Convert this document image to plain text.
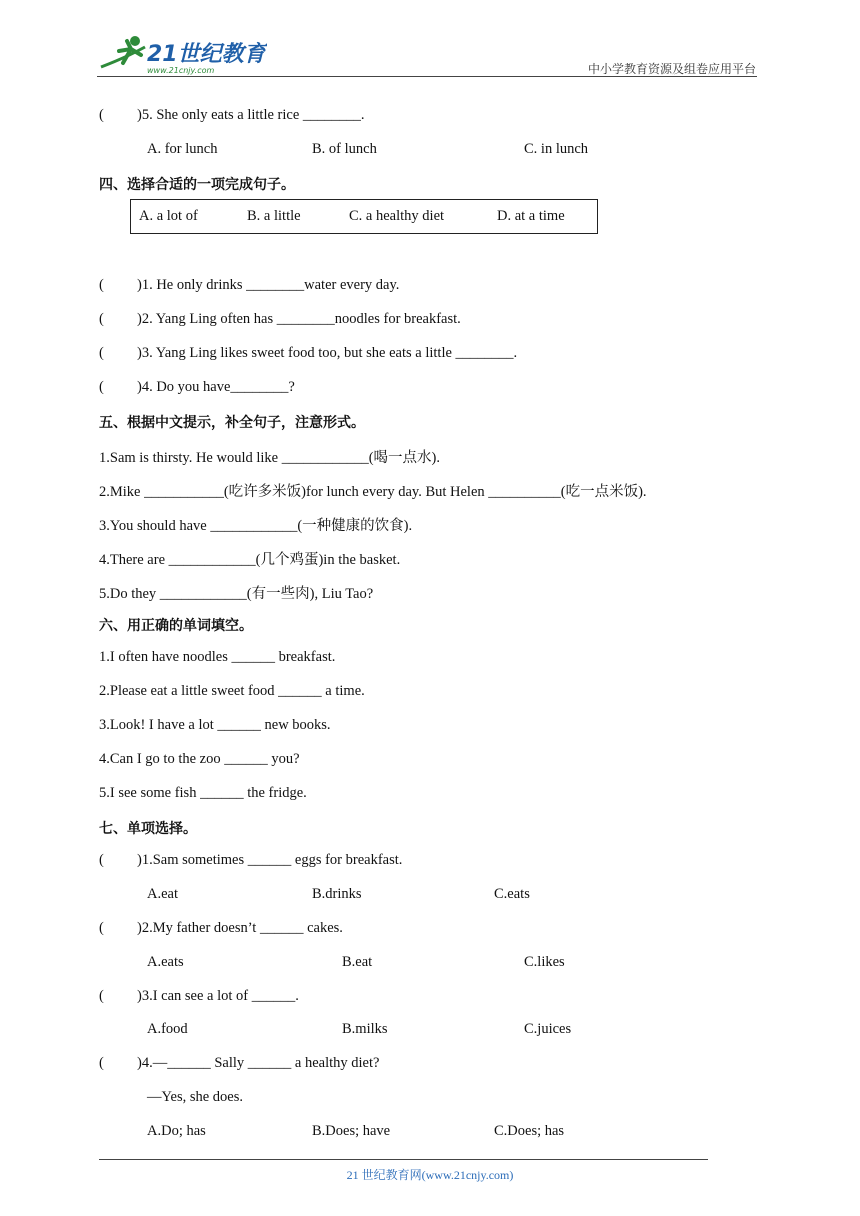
21世纪教育
www.21cnjy.com	中小学教育资源及组卷应用平台
( )5. She only eats a little rice ________.
A. for lunch	B. of lunch	C. in lunch
四、选择合适的一项完成句子。
A. a lot of	B. a little	C. a healthy diet	D. at a time
( )1. He only drinks ________water every day.
( )2. Yang Ling often has ________noodles for breakfast.
( )3. Yang Ling likes sweet food too, but she eats a little ________.
( )4. Do you have________?
五、根据中文提示，补全句子，注意形式。
1.Sam is thirsty. He would like ____________(喝一点水).
2.Mike ___________(吃许多米饭)for lunch every day. But Helen __________(吃一点米饭).
3.You should have ____________(一种健康的饮食).
4.There are ____________(几个鸡蛋)in the basket.
5.Do they ____________(有一些肉), Liu Tao?
六、用正确的单词填空。
1.I often have noodles ______ breakfast.
2.Please eat a little sweet food ______ a time.
3.Look! I have a lot ______ new books.
4.Can I go to the zoo ______ you?
5.I see some fish ______ the fridge.
七、单项选择。
( )1.Sam sometimes ______ eggs for breakfast.
A.eat	B.drinks	C.eats
( )2.My father doesn’t ______ cakes.
A.eats	B.eat	C.likes
( )3.I can see a lot of ______.
A.food	B.milks	C.juices
( )4.—______ Sally ______ a healthy diet?
—Yes, she does.
A.Do; has	B.Does; have	C.Does; has
21 世纪教育网(www.21cnjy.com)
